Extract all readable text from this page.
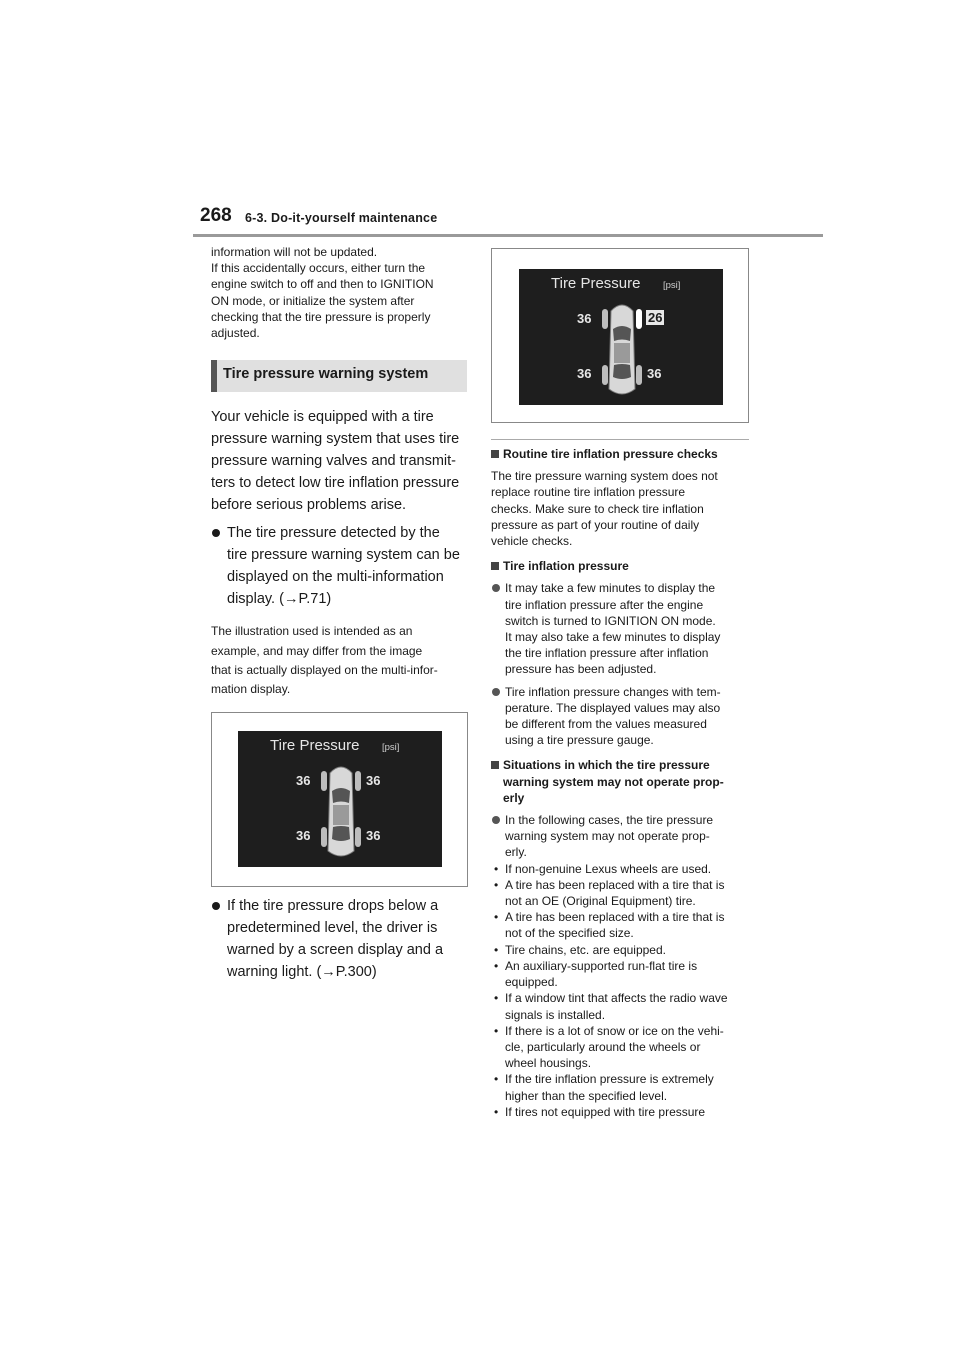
268 6-3. Do-it-yourself maintenance
information will not be updated.
If this accidentally occurs, either turn the
engine switch to off and then to IGNITION
ON mode, or initialize the system after
checking that the tire pressure is properly
adjusted.
Tire pressure warning system
Your vehicle is equipped with a tire
pressure warning system that uses tire
pressure warning valves and transmit-
ters to detect low tire inflation pressure
before serious problems arise.
The tire pressure detected by the
tire pressure warning system can be
displayed on the multi-information
display. (→P.71)
The illustration used is intended as an
example, and may differ from the image
that is actually displayed on the multi-infor-
mation display.
Tire Pressure [psi]
36	36
36	36
If the tire pressure drops below a
predetermined level, the driver is
warned by a screen display and a
warning light. (→P.300)
Tire Pressure [psi]
36	26
36	36
Routine tire inflation pressure checks
The tire pressure warning system does not
replace routine tire inflation pressure
checks. Make sure to check tire inflation
pressure as part of your routine of daily
vehicle checks.
Tire inflation pressure
It may take a few minutes to display the
tire inflation pressure after the engine
switch is turned to IGNITION ON mode.
It may also take a few minutes to display
the tire inflation pressure after inflation
pressure has been adjusted.
Tire inflation pressure changes with tem-
perature. The displayed values may also
be different from the values measured
using a tire pressure gauge.
Situations in which the tire pressure
warning system may not operate prop-
erly
In the following cases, the tire pressure
warning system may not operate prop-
erly.
• If non-genuine Lexus wheels are used.
• A tire has been replaced with a tire that is
not an OE (Original Equipment) tire.
• A tire has been replaced with a tire that is
not of the specified size.
• Tire chains, etc. are equipped.
• An auxiliary-supported run-flat tire is
equipped.
• If a window tint that affects the radio wave
signals is installed.
• If there is a lot of snow or ice on the vehi-
cle, particularly around the wheels or
wheel housings.
• If the tire inflation pressure is extremely
higher than the specified level.
• If tires not equipped with tire pressure
